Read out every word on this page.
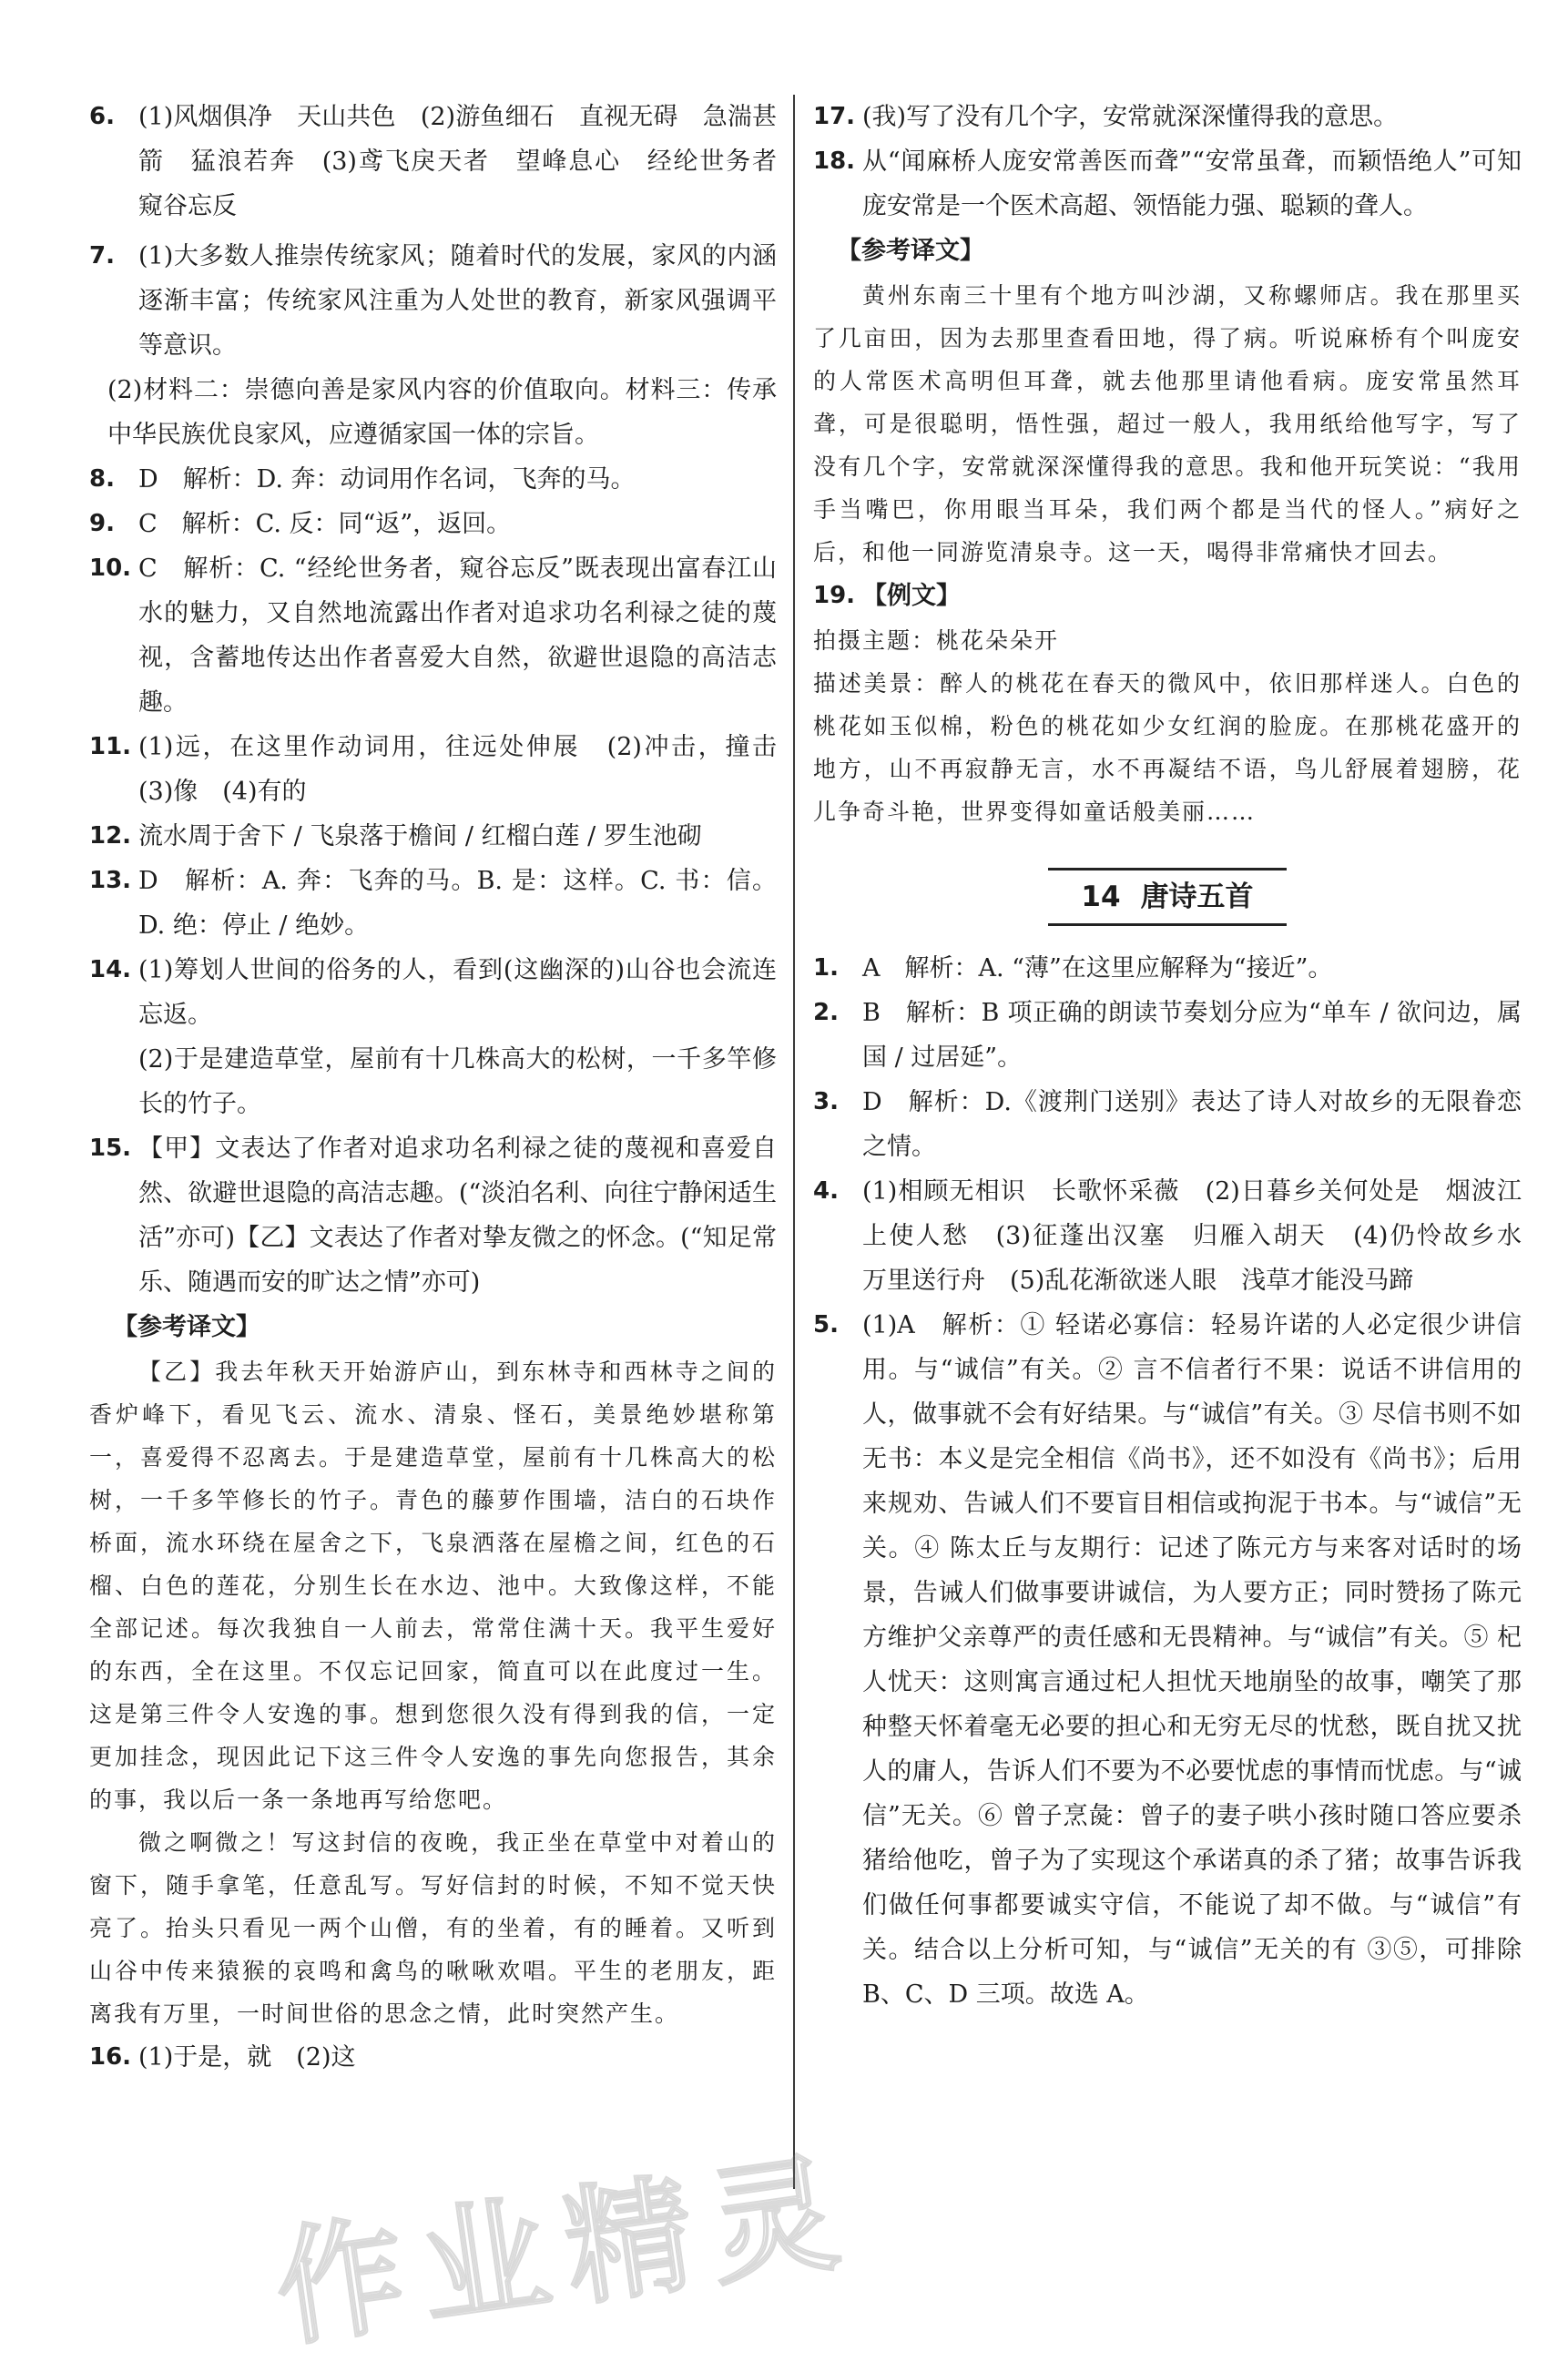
6. (1)风烟俱净　天山共色　(2)游鱼细石　直视无碍　急湍甚箭　猛浪若奔　(3)鸢飞戾天者　望峰息心　经纶世务者　窥谷忘反
7. (1)大多数人推崇传统家风；随着时代的发展，家风的内涵逐渐丰富；传统家风注重为人处世的教育，新家风强调平等意识。
(2)材料二：崇德向善是家风内容的价值取向。材料三：传承中华民族优良家风，应遵循家国一体的宗旨。
8. D　解析：D. 奔：动词用作名词，飞奔的马。
9. C　解析：C. 反：同“返”，返回。
10. C　解析：C. “经纶世务者，窥谷忘反”既表现出富春江山水的魅力，又自然地流露出作者对追求功名利禄之徒的蔑视，含蓄地传达出作者喜爱大自然，欲避世退隐的高洁志趣。
11. (1)远，在这里作动词用，往远处伸展　(2)冲击，撞击　(3)像　(4)有的
12. 流水周于舍下 / 飞泉落于檐间 / 红榴白莲 / 罗生池砌
13. D　解析：A. 奔：飞奔的马。B. 是：这样。C. 书：信。D. 绝：停止 / 绝妙。
14. (1)筹划人世间的俗务的人，看到(这幽深的)山谷也会流连忘返。
(2)于是建造草堂，屋前有十几株高大的松树，一千多竿修长的竹子。
15. 【甲】文表达了作者对追求功名利禄之徒的蔑视和喜爱自然、欲避世退隐的高洁志趣。(“淡泊名利、向往宁静闲适生活”亦可)【乙】文表达了作者对挚友微之的怀念。(“知足常乐、随遇而安的旷达之情”亦可)
【参考译文】
【乙】我去年秋天开始游庐山，到东林寺和西林寺之间的香炉峰下，看见飞云、流水、清泉、怪石，美景绝妙堪称第一，喜爱得不忍离去。于是建造草堂，屋前有十几株高大的松树，一千多竿修长的竹子。青色的藤萝作围墙，洁白的石块作桥面，流水环绕在屋舍之下，飞泉洒落在屋檐之间，红色的石榴、白色的莲花，分别生长在水边、池中。大致像这样，不能全部记述。每次我独自一人前去，常常住满十天。我平生爱好的东西，全在这里。不仅忘记回家，简直可以在此度过一生。这是第三件令人安逸的事。想到您很久没有得到我的信，一定更加挂念，现因此记下这三件令人安逸的事先向您报告，其余的事，我以后一条一条地再写给您吧。
微之啊微之！写这封信的夜晚，我正坐在草堂中对着山的窗下，随手拿笔，任意乱写。写好信封的时候，不知不觉天快亮了。抬头只看见一两个山僧，有的坐着，有的睡着。又听到山谷中传来猿猴的哀鸣和禽鸟的啾啾欢唱。平生的老朋友，距离我有万里，一时间世俗的思念之情，此时突然产生。
16. (1)于是，就　(2)这
17. (我)写了没有几个字，安常就深深懂得我的意思。
18. 从“闻麻桥人庞安常善医而聋”“安常虽聋，而颖悟绝人”可知庞安常是一个医术高超、领悟能力强、聪颖的聋人。
【参考译文】
黄州东南三十里有个地方叫沙湖，又称螺师店。我在那里买了几亩田，因为去那里查看田地，得了病。听说麻桥有个叫庞安的人常医术高明但耳聋，就去他那里请他看病。庞安常虽然耳聋，可是很聪明，悟性强，超过一般人，我用纸给他写字，写了没有几个字，安常就深深懂得我的意思。我和他开玩笑说：“我用手当嘴巴，你用眼当耳朵，我们两个都是当代的怪人。”病好之后，和他一同游览清泉寺。这一天，喝得非常痛快才回去。
19. 【例文】
拍摄主题：桃花朵朵开
描述美景：醉人的桃花在春天的微风中，依旧那样迷人。白色的桃花如玉似棉，粉色的桃花如少女红润的脸庞。在那桃花盛开的地方，山不再寂静无言，水不再凝结不语，鸟儿舒展着翅膀，花儿争奇斗艳，世界变得如童话般美丽……
14 唐诗五首
1. A　解析：A. “薄”在这里应解释为“接近”。
2. B　解析：B 项正确的朗读节奏划分应为“单车 / 欲问边，属国 / 过居延”。
3. D　解析：D.《渡荆门送别》表达了诗人对故乡的无限眷恋之情。
4. (1)相顾无相识　长歌怀采薇　(2)日暮乡关何处是　烟波江上使人愁　(3)征蓬出汉塞　归雁入胡天　(4)仍怜故乡水　万里送行舟　(5)乱花渐欲迷人眼　浅草才能没马蹄
5. (1)A　解析：① 轻诺必寡信：轻易许诺的人必定很少讲信用。与“诚信”有关。② 言不信者行不果：说话不讲信用的人，做事就不会有好结果。与“诚信”有关。③ 尽信书则不如无书：本义是完全相信《尚书》，还不如没有《尚书》；后用来规劝、告诫人们不要盲目相信或拘泥于书本。与“诚信”无关。④ 陈太丘与友期行：记述了陈元方与来客对话时的场景，告诫人们做事要讲诚信，为人要方正；同时赞扬了陈元方维护父亲尊严的责任感和无畏精神。与“诚信”有关。⑤ 杞人忧天：这则寓言通过杞人担忧天地崩坠的故事，嘲笑了那种整天怀着毫无必要的担心和无穷无尽的忧愁，既自扰又扰人的庸人，告诉人们不要为不必要忧虑的事情而忧虑。与“诚信”无关。⑥ 曾子烹彘：曾子的妻子哄小孩时随口答应要杀猪给他吃，曾子为了实现这个承诺真的杀了猪；故事告诉我们做任何事都要诚实守信，不能说了却不做。与“诚信”有关。结合以上分析可知，与“诚信”无关的有 ③⑤，可排除 B、C、D 三项。故选 A。
作业精灵
